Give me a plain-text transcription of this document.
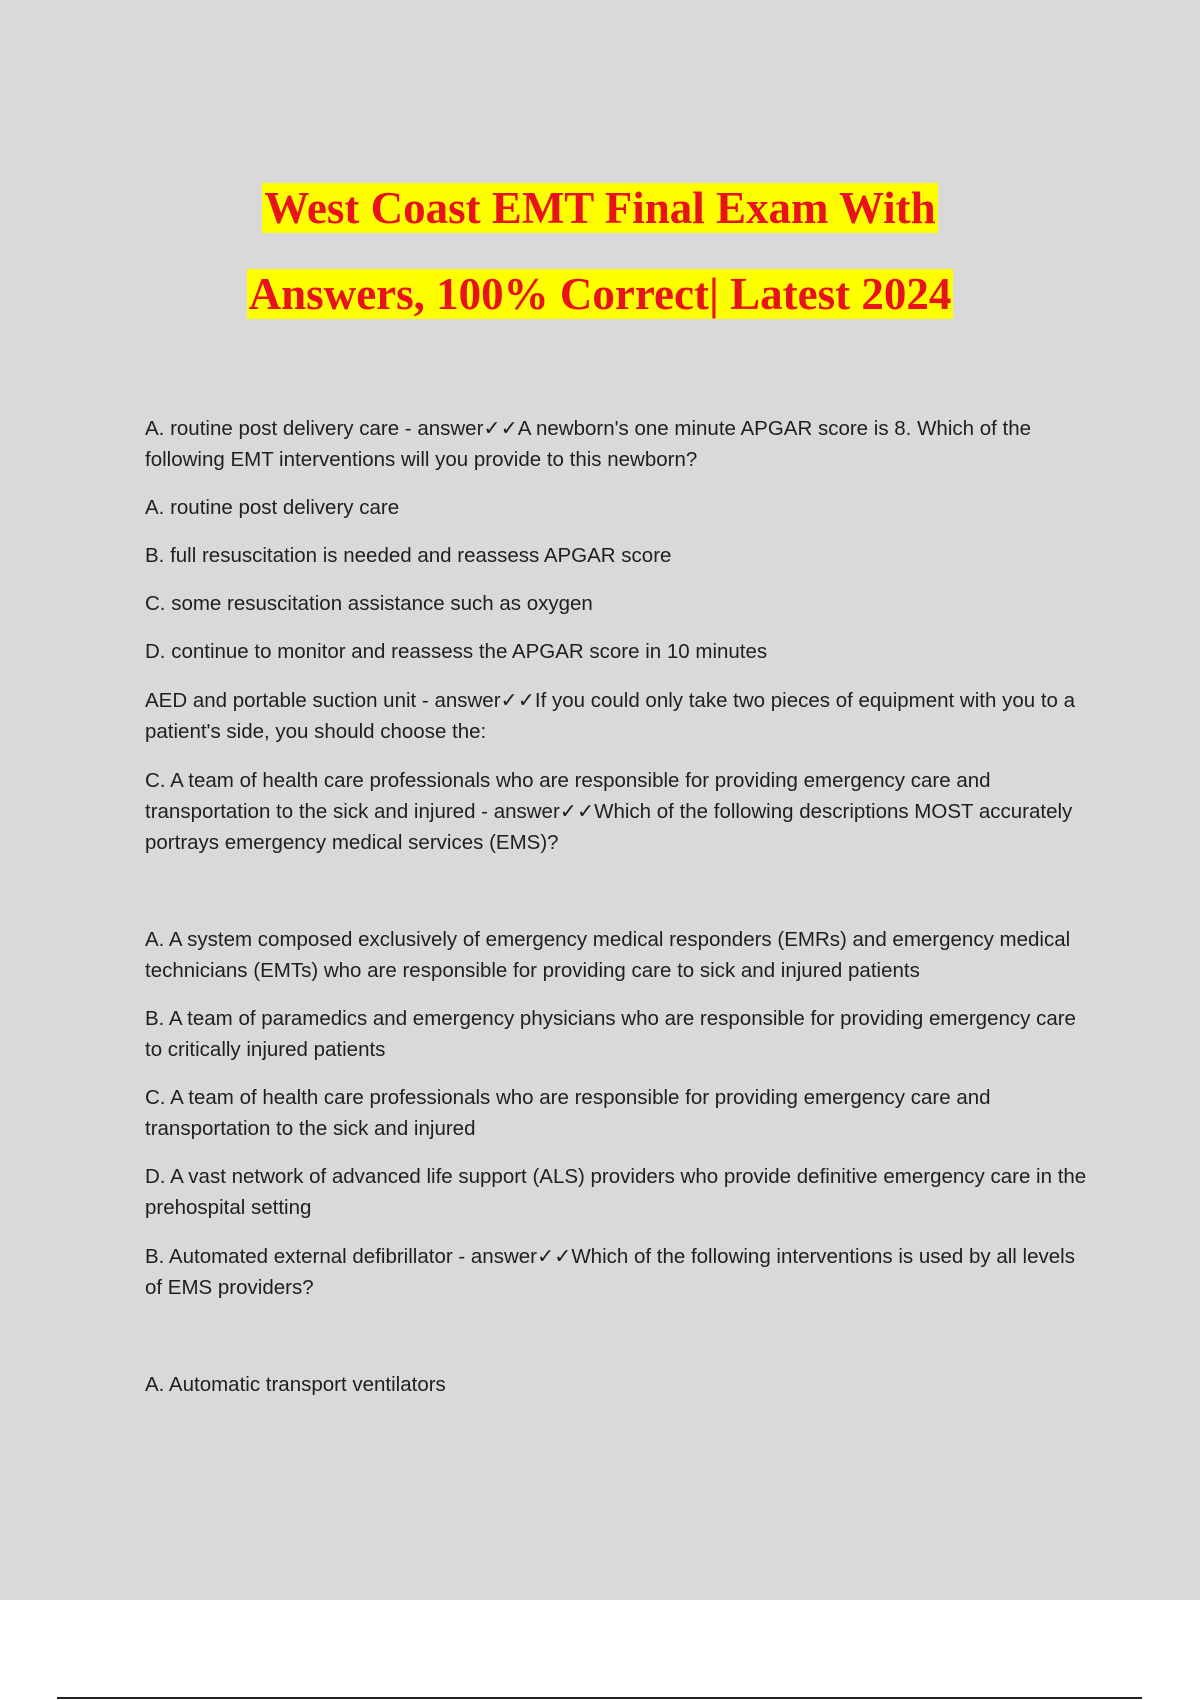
West Coast EMT Final Exam With
Answers, 100% Correct| Latest 2024

A. routine post delivery care - answer✓✓A newborn's one minute APGAR score is 8. Which of the following EMT interventions will you provide to this newborn?

A. routine post delivery care

B. full resuscitation is needed and reassess APGAR score

C. some resuscitation assistance such as oxygen

D. continue to monitor and reassess the APGAR score in 10 minutes

AED and portable suction unit - answer✓✓If you could only take two pieces of equipment with you to a patient's side, you should choose the:

C. A team of health care professionals who are responsible for providing emergency care and transportation to the sick and injured - answer✓✓Which of the following descriptions MOST accurately portrays emergency medical services (EMS)?

A. A system composed exclusively of emergency medical responders (EMRs) and emergency medical technicians (EMTs) who are responsible for providing care to sick and injured patients

B. A team of paramedics and emergency physicians who are responsible for providing emergency care to critically injured patients

C. A team of health care professionals who are responsible for providing emergency care and transportation to the sick and injured

D. A vast network of advanced life support (ALS) providers who provide definitive emergency care in the prehospital setting

B. Automated external defibrillator - answer✓✓Which of the following interventions is used by all levels of EMS providers?

A. Automatic transport ventilators
